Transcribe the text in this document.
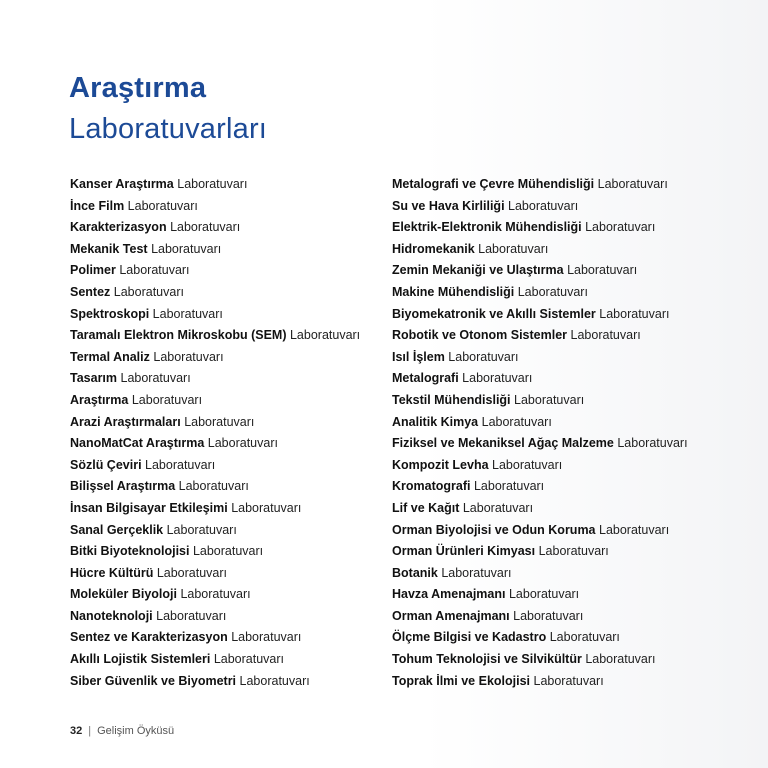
Araştırma
Laboratuvarları
Kanser Araştırma Laboratuvarı
İnce Film Laboratuvarı
Karakterizasyon Laboratuvarı
Mekanik Test Laboratuvarı
Polimer Laboratuvarı
Sentez Laboratuvarı
Spektroskopi Laboratuvarı
Taramalı Elektron Mikroskobu (SEM) Laboratuvarı
Termal Analiz Laboratuvarı
Tasarım Laboratuvarı
Araştırma Laboratuvarı
Arazi Araştırmaları Laboratuvarı
NanoMatCat Araştırma Laboratuvarı
Sözlü Çeviri Laboratuvarı
Bilişsel Araştırma Laboratuvarı
İnsan Bilgisayar Etkileşimi Laboratuvarı
Sanal Gerçeklik Laboratuvarı
Bitki Biyoteknolojisi Laboratuvarı
Hücre Kültürü Laboratuvarı
Moleküler Biyoloji Laboratuvarı
Nanoteknoloji Laboratuvarı
Sentez ve Karakterizasyon Laboratuvarı
Akıllı Lojistik Sistemleri Laboratuvarı
Siber Güvenlik ve Biyometri Laboratuvarı
Metalografi ve Çevre Mühendisliği Laboratuvarı
Su ve Hava Kirliliği Laboratuvarı
Elektrik-Elektronik Mühendisliği Laboratuvarı
Hidromekanik Laboratuvarı
Zemin Mekaniği ve Ulaştırma Laboratuvarı
Makine Mühendisliği Laboratuvarı
Biyomekatronik ve Akıllı Sistemler Laboratuvarı
Robotik ve Otonom Sistemler Laboratuvarı
Isıl İşlem Laboratuvarı
Metalografi Laboratuvarı
Tekstil Mühendisliği Laboratuvarı
Analitik Kimya Laboratuvarı
Fiziksel ve Mekaniksel Ağaç Malzeme Laboratuvarı
Kompozit Levha Laboratuvarı
Kromatografi Laboratuvarı
Lif ve Kağıt Laboratuvarı
Orman Biyolojisi ve Odun Koruma Laboratuvarı
Orman Ürünleri Kimyası Laboratuvarı
Botanik Laboratuvarı
Havza Amenajmanı Laboratuvarı
Orman Amenajmanı Laboratuvarı
Ölçme Bilgisi ve Kadastro Laboratuvarı
Tohum Teknolojisi ve Silvikültür Laboratuvarı
Toprak İlmi ve Ekolojisi Laboratuvarı
32 | Gelişim Öyküsü
